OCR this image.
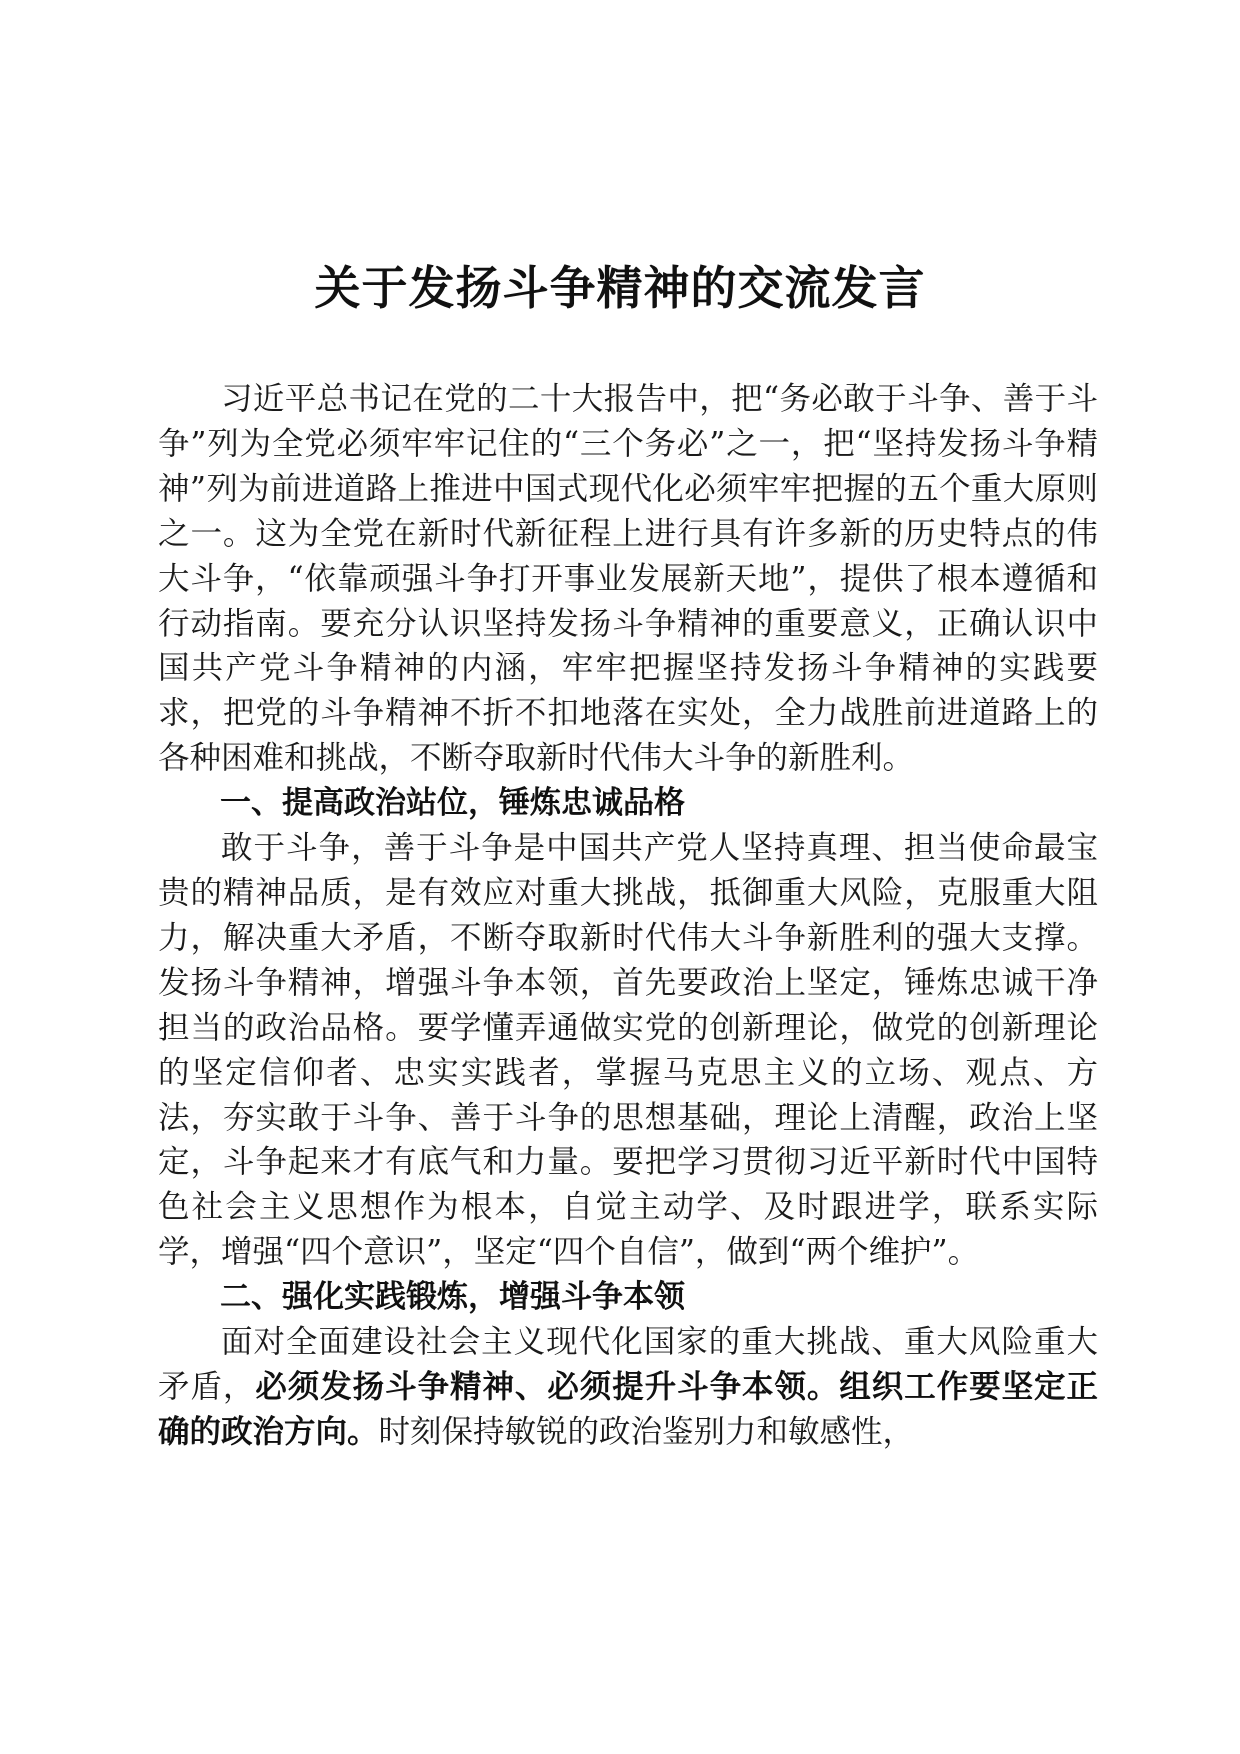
关于发扬斗争精神的交流发言

习近平总书记在党的二十大报告中，把“务必敢于斗争、善于斗争”列为全党必须牢牢记住的“三个务必”之一，把“坚持发扬斗争精神”列为前进道路上推进中国式现代化必须牢牢把握的五个重大原则之一。这为全党在新时代新征程上进行具有许多新的历史特点的伟大斗争，“依靠顽强斗争打开事业发展新天地”，提供了根本遵循和行动指南。要充分认识坚持发扬斗争精神的重要意义，正确认识中国共产党斗争精神的内涵，牢牢把握坚持发扬斗争精神的实践要求，把党的斗争精神不折不扣地落在实处，全力战胜前进道路上的各种困难和挑战，不断夺取新时代伟大斗争的新胜利。

一、提高政治站位，锤炼忠诚品格

敢于斗争，善于斗争是中国共产党人坚持真理、担当使命最宝贵的精神品质，是有效应对重大挑战，抵御重大风险，克服重大阻力，解决重大矛盾，不断夺取新时代伟大斗争新胜利的强大支撑。发扬斗争精神，增强斗争本领，首先要政治上坚定，锤炼忠诚干净担当的政治品格。要学懂弄通做实党的创新理论，做党的创新理论的坚定信仰者、忠实实践者，掌握马克思主义的立场、观点、方法，夯实敢于斗争、善于斗争的思想基础，理论上清醒，政治上坚定，斗争起来才有底气和力量。要把学习贯彻习近平新时代中国特色社会主义思想作为根本，自觉主动学、及时跟进学，联系实际学，增强“四个意识”，坚定“四个自信”，做到“两个维护”。

二、强化实践锻炼，增强斗争本领

面对全面建设社会主义现代化国家的重大挑战、重大风险重大矛盾，必须发扬斗争精神、必须提升斗争本领。组织工作要坚定正确的政治方向。时刻保持敏锐的政治鉴别力和敏感性，
